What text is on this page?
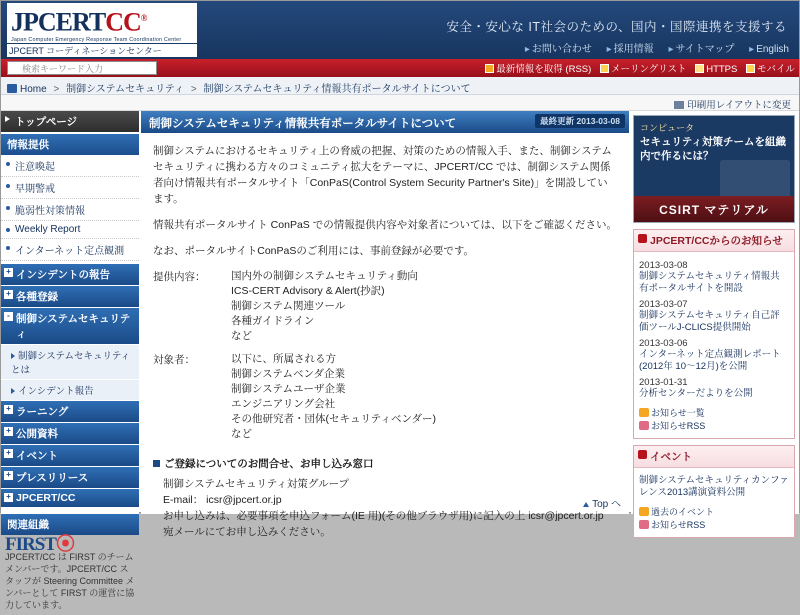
JPCERTCC®
Japan Computer Emergency Response Team Coordination Center
JPCERT コーディネーションセンター
安全・安心な IT社会のための、国内・国際連携を支援する
▸ お問い合わせ ▸ 採用情報 ▸ サイトマップ ▸ English
検索キーワード入力	最新情報を取得 (RSS) メーリングリスト HTTPS モバイル
Home > 制御システムセキュリティ > 制御システムセキュリティ情報共有ポータルサイトについて
印刷用レイアウトに変更
トップページ
情報提供
注意喚起
早期警戒
脆弱性対策情報
Weekly Report
インターネット定点観測
+ インシデントの報告
+ 各種登録
- 制御システムセキュリティ
制御システムセキュリティとは
インシデント報告
+ ラーニング
+ 公開資料
+ イベント
+ プレスリリース
+ JPCERT/CC
関連組織
FIRST⦿
JPCERT/CC は FIRST のチームメンバーです。JPCERT/CC スタッフが Steering Committee メンバーとして FIRST の運営に協力しています。
制御システムセキュリティ情報共有ポータルサイトについて	最終更新 2013-03-08

制御システムにおけるセキュリティ上の脅威の把握、対策のための情報入手、また、制御システムセキュリティに携わる方々のコミュニティ拡大をテーマに、JPCERT/CC では、制御システム関係者向け情報共有ポータルサイト「ConPaS(Control System Security Partner's Site)」を開設しています。

情報共有ポータルサイト ConPaS での情報提供内容や対象者については、以下をご確認ください。

なお、ポータルサイトConPaSのご利用には、事前登録が必要です。

提供内容：	国内外の制御システムセキュリティ動向
ICS-CERT Advisory & Alert(抄訳)
制御システム関連ツール
各種ガイドライン
など
対象者：	以下に、所属される方
制御システムベンダ企業
制御システムユーザ企業
エンジニアリング会社
その他研究者・団体(セキュリティベンダー)
など
ご登録についてのお問合せ、お申し込み窓口
制御システムセキュリティ対策グループ
E-mail： icsr@jpcert.or.jp
お申し込みは、必要事項を申込フォーム(IE 用)(その他ブラウザ用)に記入の上 icsr@jpcert.or.jp 宛メールにてお申し込みください。
Top へ
コンピュータ
セキュリティ対策チームを組織内で作るには？
CSIRT マテリアル
JPCERT/CCからのお知らせ
2013-03-08
制御システムセキュリティ情報共有ポータルサイトを開設
2013-03-07
制御システムセキュリティ自己評価ツールJ-CLICS提供開始
2013-03-06
インターネット定点観測レポート(2012年 10～12月)を公開
2013-01-31
分析センターだよりを公開
お知らせ一覧 お知らせRSS
イベント
制御システムセキュリティカンファレンス2013講演資料公開
過去のイベント お知らせRSS
